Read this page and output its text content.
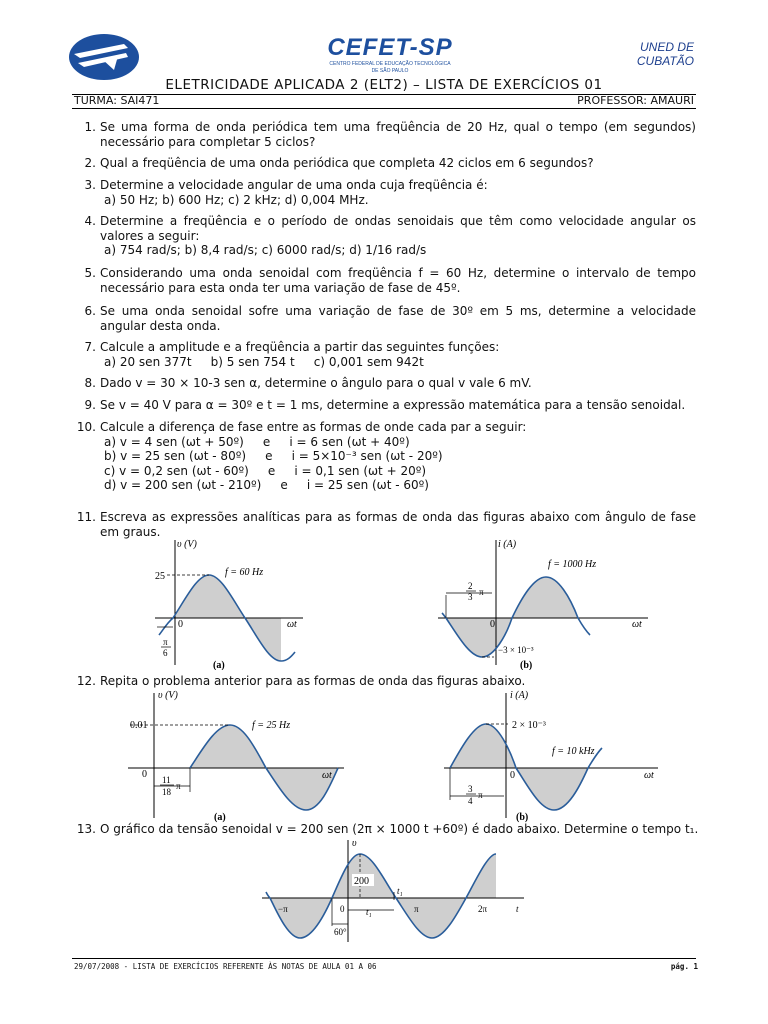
CEFET-SP
CENTRO FEDERAL DE EDUCAÇÃO TECNOLÓGICA
DE SÃO PAULO
UNED DE
CUBATÃO
ELETRICIDADE APLICADA 2 (ELT2) – LISTA DE EXERCÍCIOS 01
TURMA: SAI471	PROFESSOR: AMAURI
1. Se uma forma de onda periódica tem uma freqüência de 20 Hz, qual o tempo (em segundos) necessário para completar 5 ciclos?
2. Qual a freqüência de uma onda periódica que completa 42 ciclos em 6 segundos?
3. Determine a velocidade angular de uma onda cuja freqüência é:
a) 50 Hz; b) 600 Hz; c) 2 kHz; d) 0,004 MHz.
4. Determine a freqüência e o período de ondas senoidais que têm como velocidade angular os valores a seguir:
a) 754 rad/s; b) 8,4 rad/s; c) 6000 rad/s; d) 1/16 rad/s
5. Considerando uma onda senoidal com freqüência f = 60 Hz, determine o intervalo de tempo necessário para esta onda ter uma variação de fase de 45º.
6. Se uma onda senoidal sofre uma variação de fase de 30º em 5 ms, determine a velocidade angular desta onda.
7. Calcule a amplitude e a freqüência a partir das seguintes funções:
a) 20 sen 377t     b) 5 sen 754 t     c) 0,001 sem 942t
8. Dado v = 30 × 10-3 sen α, determine o ângulo para o qual v vale 6 mV.
9. Se v = 40 V para α = 30º e t = 1 ms, determine a expressão matemática para a tensão senoidal.
10. Calcule a diferença de fase entre as formas de onde cada par a seguir:
a) v = 4 sen (ωt + 50º)     e     i = 6 sen (ωt + 40º)
b) v = 25 sen (ωt - 80º)     e     i = 5×10⁻³ sen (ωt - 20º)
c) v = 0,2 sen (ωt - 60º)     e     i = 0,1 sen (ωt + 20º)
d) v = 200 sen (ωt - 210º)     e     i = 25 sen (ωt - 60º)
11. Escreva as expressões analíticas para as formas de onda das figuras abaixo com ângulo de fase em graus.
12. Repita o problema anterior para as formas de onda das figuras abaixo.
13. O gráfico da tensão senoidal v = 200 sen (2π × 1000 t +60º) é dado abaixo. Determine o tempo t₁.
υ (V)
25	f = 60 Hz
0	ωt
π
6
(a)
i (A)
f = 1000 Hz
2
3 π
0	ωt
−3 × 10⁻³
(b)
υ (V)
0.01	f = 25 Hz
0	ωt
11
18
π
(a)
i (A)
2 × 10⁻³
f = 10 kHz
0	ωt
3
4
π
(b)
υ
200
t₁
−π	0 t₁	π	2π	t
60°
29/07/2008 - LISTA DE EXERCÍCIOS REFERENTE ÀS NOTAS DE AULA 01 A 06	pág. 1
